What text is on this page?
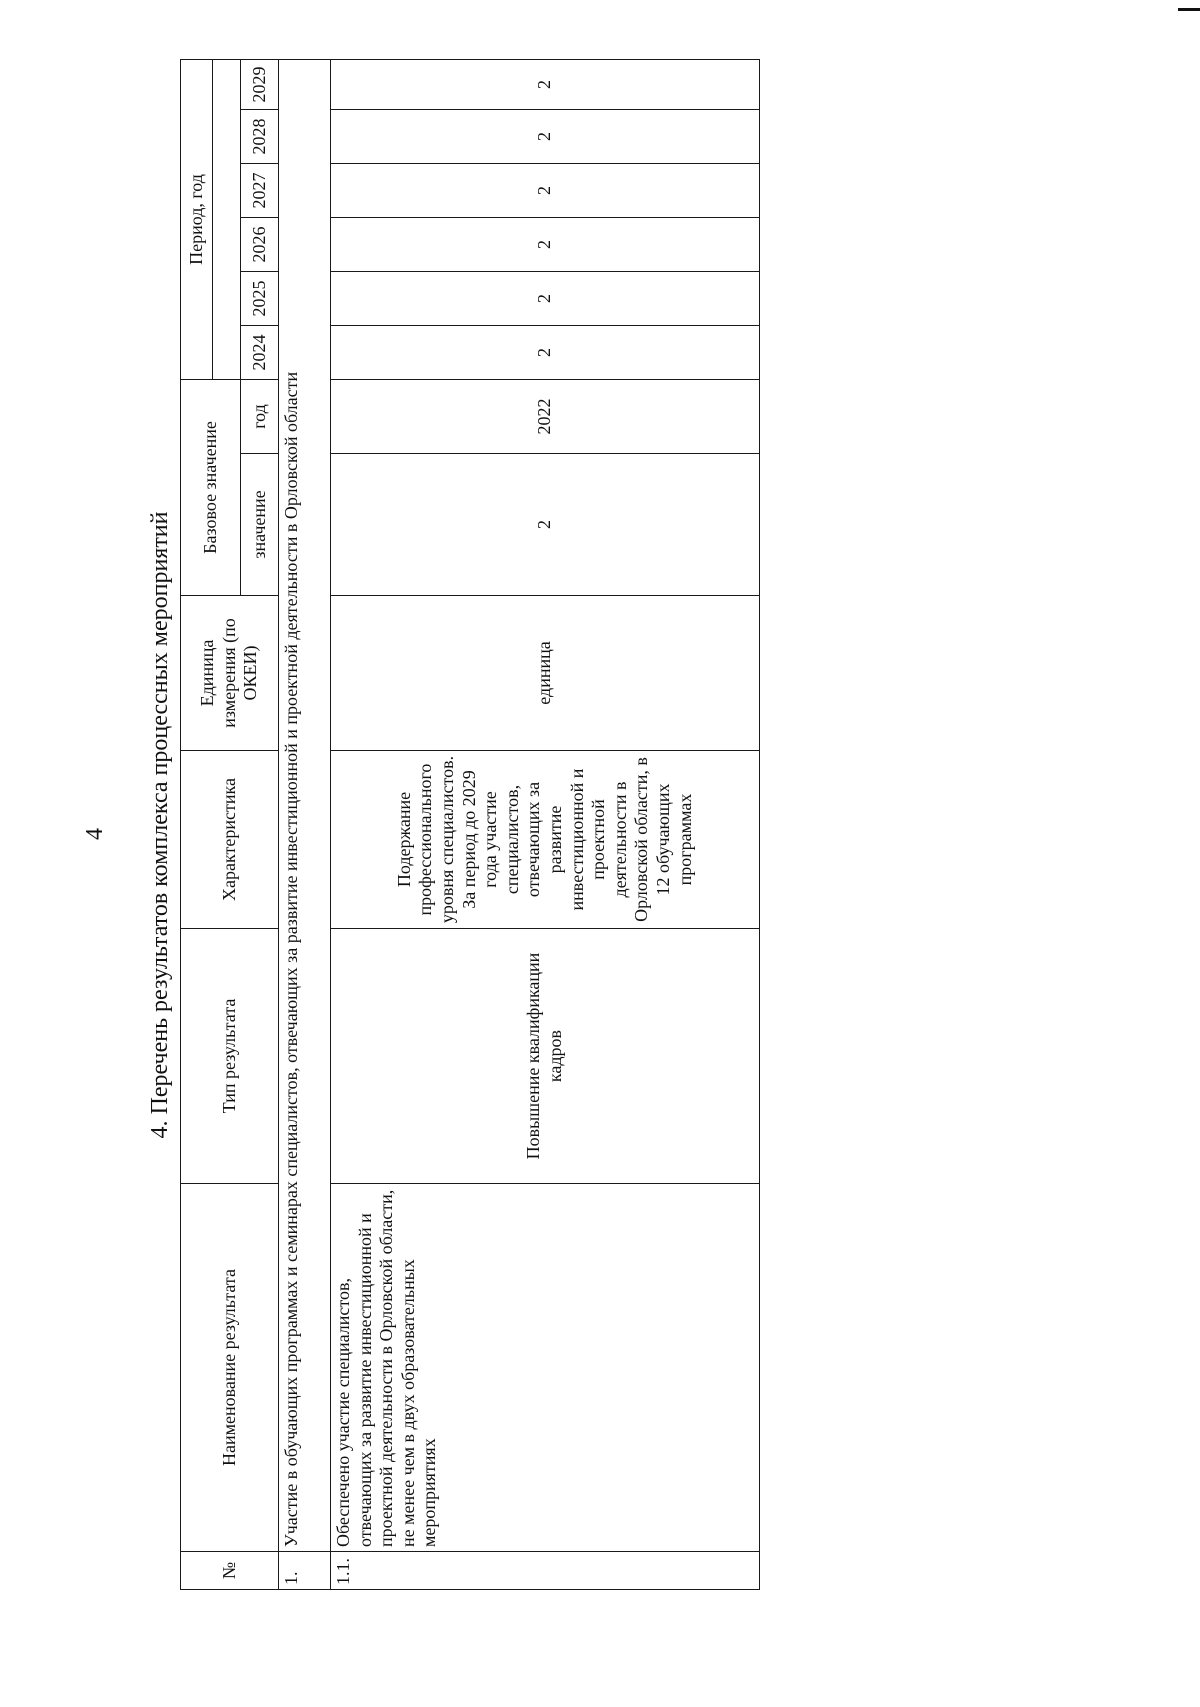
4 4. Перечень результатов комплекса процессных мероприятий
№	Наименование результата	Тип результата	Характеристика	Единица измерения (по ОКЕИ)	Базовое значение		Период, год					

					значение	год	2024	2025	2026	2027	2028	2029
1.	Участие в обучающих программах и семинарах специалистов, отвечающих за развитие инвестиционной и проектной деятельности в Орловской области											
1.1.	Обеспечено участие специалистов, отвечающих за развитие инвестиционной и проектной деятельности в Орловской области, не менее чем в двух образовательных мероприятиях	Повышение квалификации кадров	Подержание профессионального уровня специалистов. За период до 2029 года участие специалистов, отвечающих за развитие инвестиционной и проектной деятельности в Орловской области, в 12 обучающих программах	единица	2	2022	2	2	2	2	2	2
